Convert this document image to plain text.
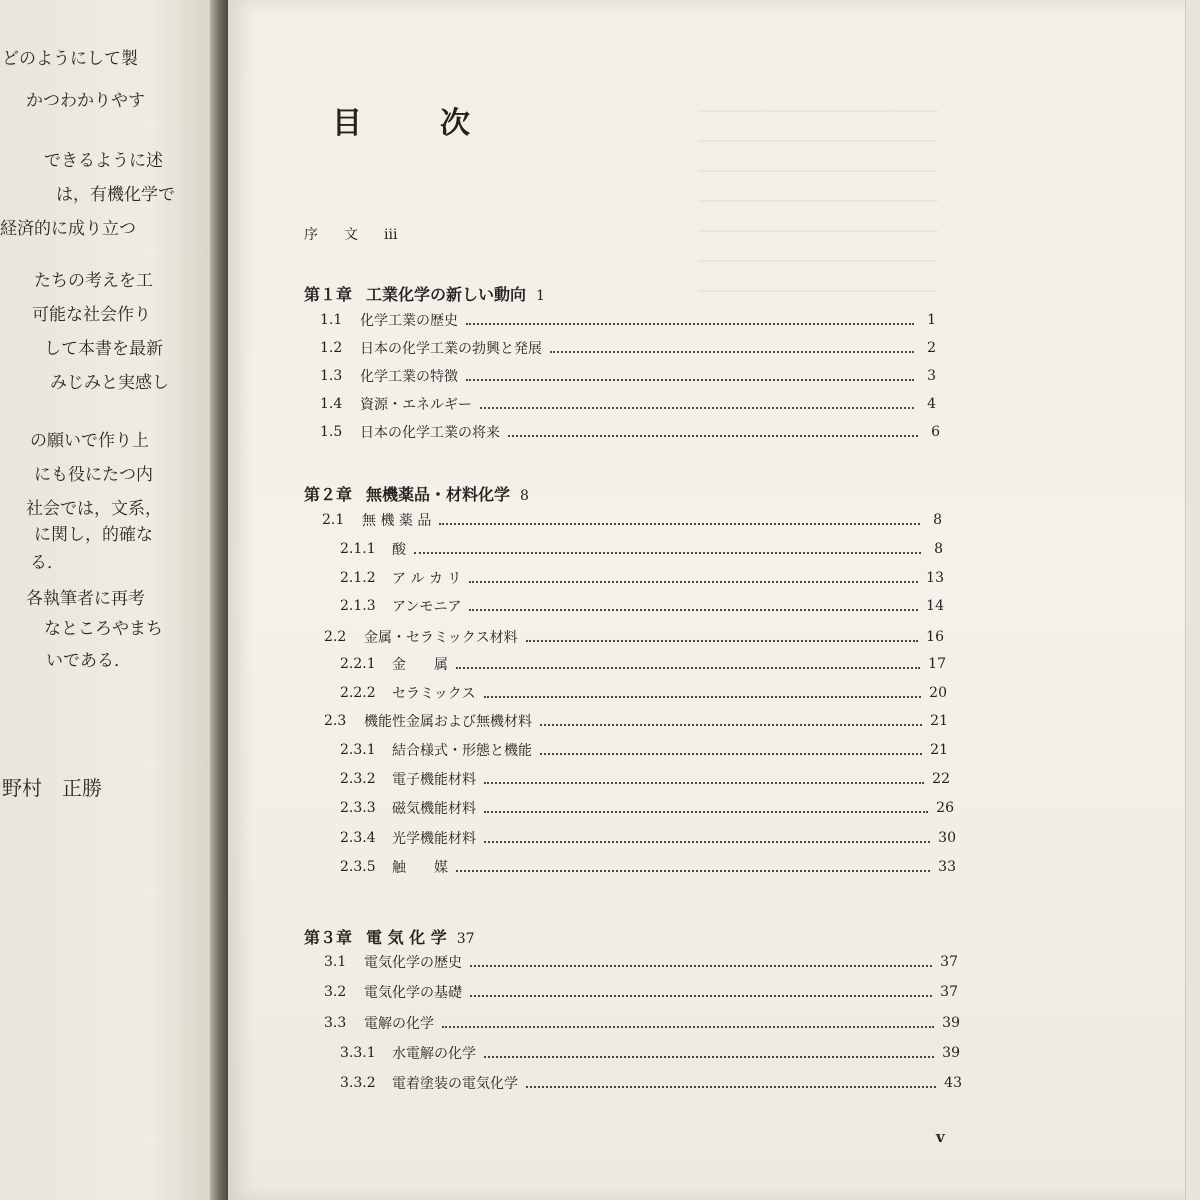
どのようにして製
かつわかりやす
できるように述
は，有機化学で
経済的に成り立つ
たちの考えを工
可能な社会作り
して本書を最新
みじみと実感し
の願いで作り上
にも役にたつ内
社会では，文系，
に関し，的確な
る．
各執筆者に再考
なところやまち
いである．
野村　正勝
目次
序文iii
第１章 工業化学の新しい動向 1
1.1	化学工業の歴史	1
1.2	日本の化学工業の勃興と発展	2
1.3	化学工業の特徴	3
1.4	資源・エネルギー	4
1.5	日本の化学工業の将来	6
第２章 無機薬品・材料化学 8
2.1	無 機 薬 品	8
2.1.1	酸	8
2.1.2	ア ル カ リ	13
2.1.3	アンモニア	14
2.2	金属・セラミックス材料	16
2.2.1	金　　属	17
2.2.2	セラミックス	20
2.3	機能性金属および無機材料	21
2.3.1	結合様式・形態と機能	21
2.3.2	電子機能材料	22
2.3.3	磁気機能材料	26
2.3.4	光学機能材料	30
2.3.5	触　　媒	33
第３章 電 気 化 学 37
3.1	電気化学の歴史	37
3.2	電気化学の基礎	37
3.3	電解の化学	39
3.3.1	水電解の化学	39
3.3.2	電着塗装の電気化学	43
v
